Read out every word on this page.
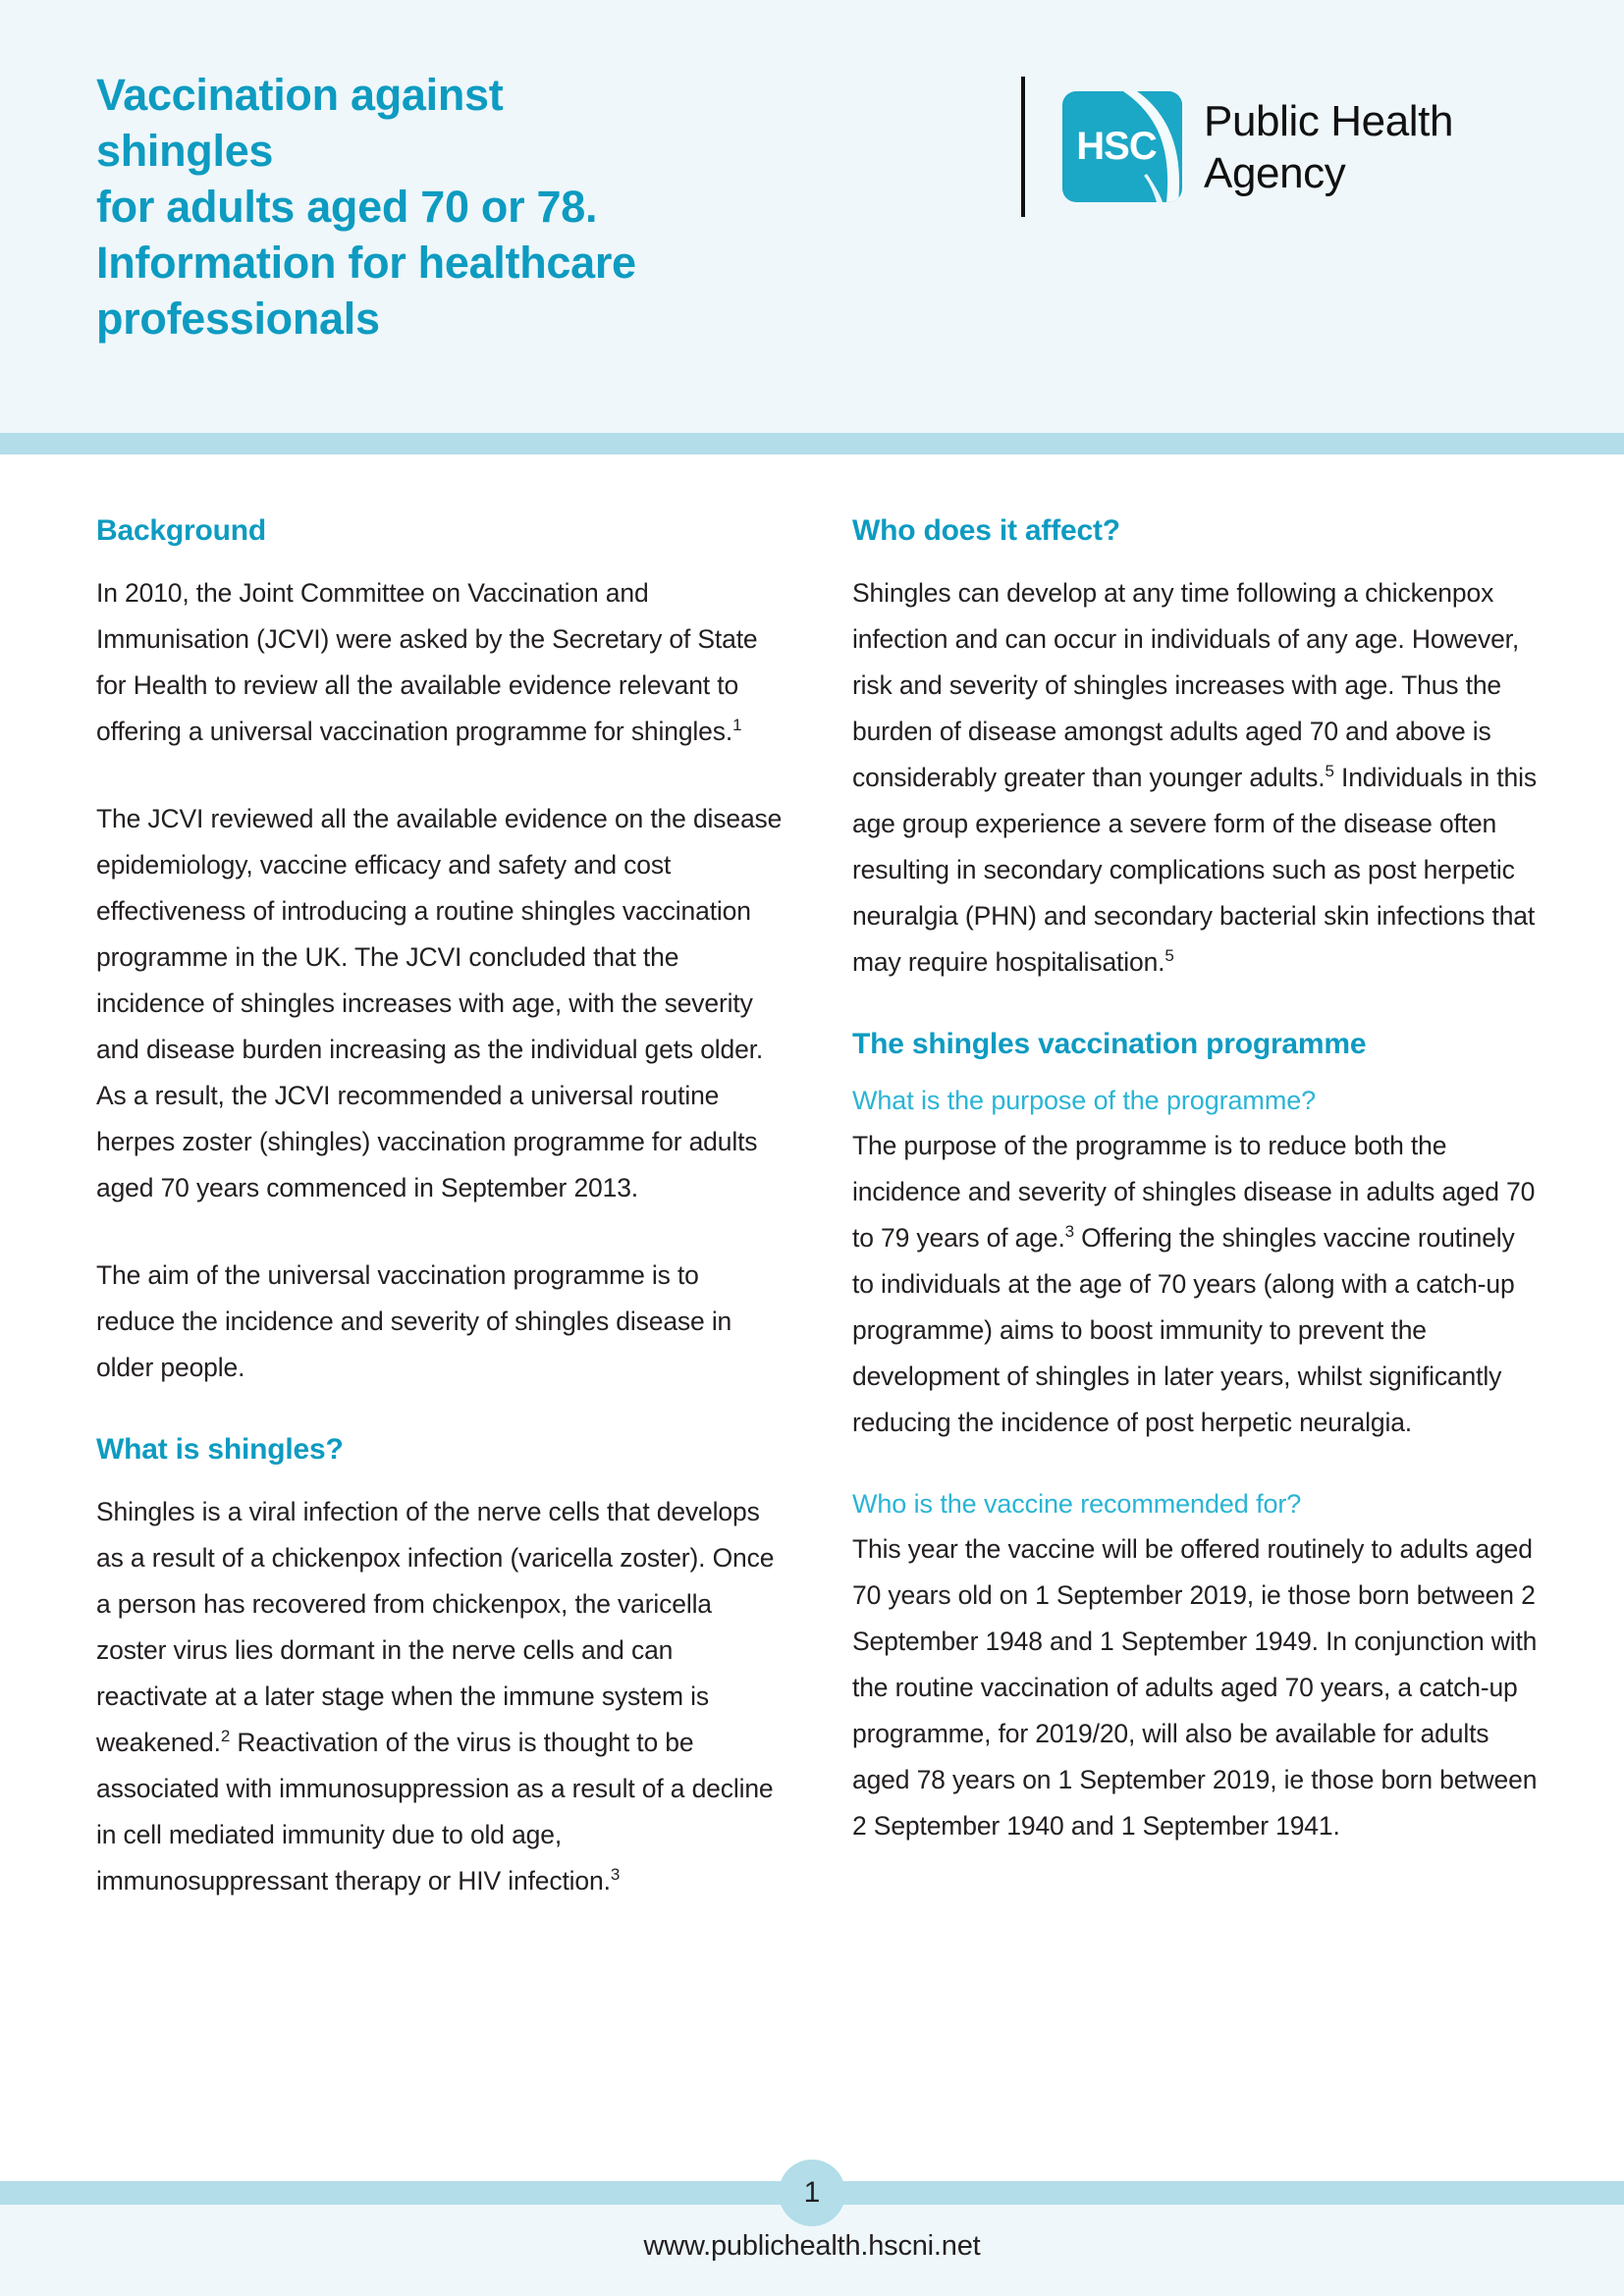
Vaccination against shingles
for adults aged 70 or 78.
Information for healthcare
professionals
HSC
Public Health
Agency
Background

In 2010, the Joint Committee on Vaccination and Immunisation (JCVI) were asked by the Secretary of State for Health to review all the available evidence relevant to offering a universal vaccination programme for shingles.$^1$

The JCVI reviewed all the available evidence on the disease epidemiology, vaccine efficacy and safety and cost effectiveness of introducing a routine shingles vaccination programme in the UK. The JCVI concluded that the incidence of shingles increases with age, with the severity and disease burden increasing as the individual gets older. As a result, the JCVI recommended a universal routine herpes zoster (shingles) vaccination programme for adults aged 70 years commenced in September 2013.

The aim of the universal vaccination programme is to reduce the incidence and severity of shingles disease in older people.

What is shingles?

Shingles is a viral infection of the nerve cells that develops as a result of a chickenpox infection (varicella zoster). Once a person has recovered from chickenpox, the varicella zoster virus lies dormant in the nerve cells and can reactivate at a later stage when the immune system is weakened.$^2$ Reactivation of the virus is thought to be associated with immunosuppression as a result of a decline in cell mediated immunity due to old age, immunosuppressant therapy or HIV infection.$^3$

Who does it affect?

Shingles can develop at any time following a chickenpox infection and can occur in individuals of any age. However, risk and severity of shingles increases with age. Thus the burden of disease amongst adults aged 70 and above is considerably greater than younger adults.$^5$ Individuals in this age group experience a severe form of the disease often resulting in secondary complications such as post herpetic neuralgia (PHN) and secondary bacterial skin infections that may require hospitalisation.$^5$

The shingles vaccination programme
What is the purpose of the programme?

The purpose of the programme is to reduce both the incidence and severity of shingles disease in adults aged 70 to 79 years of age.$^3$ Offering the shingles vaccine routinely to individuals at the age of 70 years (along with a catch-up programme) aims to boost immunity to prevent the development of shingles in later years, whilst significantly reducing the incidence of post herpetic neuralgia.

Who is the vaccine recommended for?

This year the vaccine will be offered routinely to adults aged 70 years old on 1 September 2019, ie those born between 2 September 1948 and 1 September 1949. In conjunction with the routine vaccination of adults aged 70 years, a catch-up programme, for 2019/20, will also be available for adults aged 78 years on 1 September 2019, ie those born between 2 September 1940 and 1 September 1941.

1
www.publichealth.hscni.net
